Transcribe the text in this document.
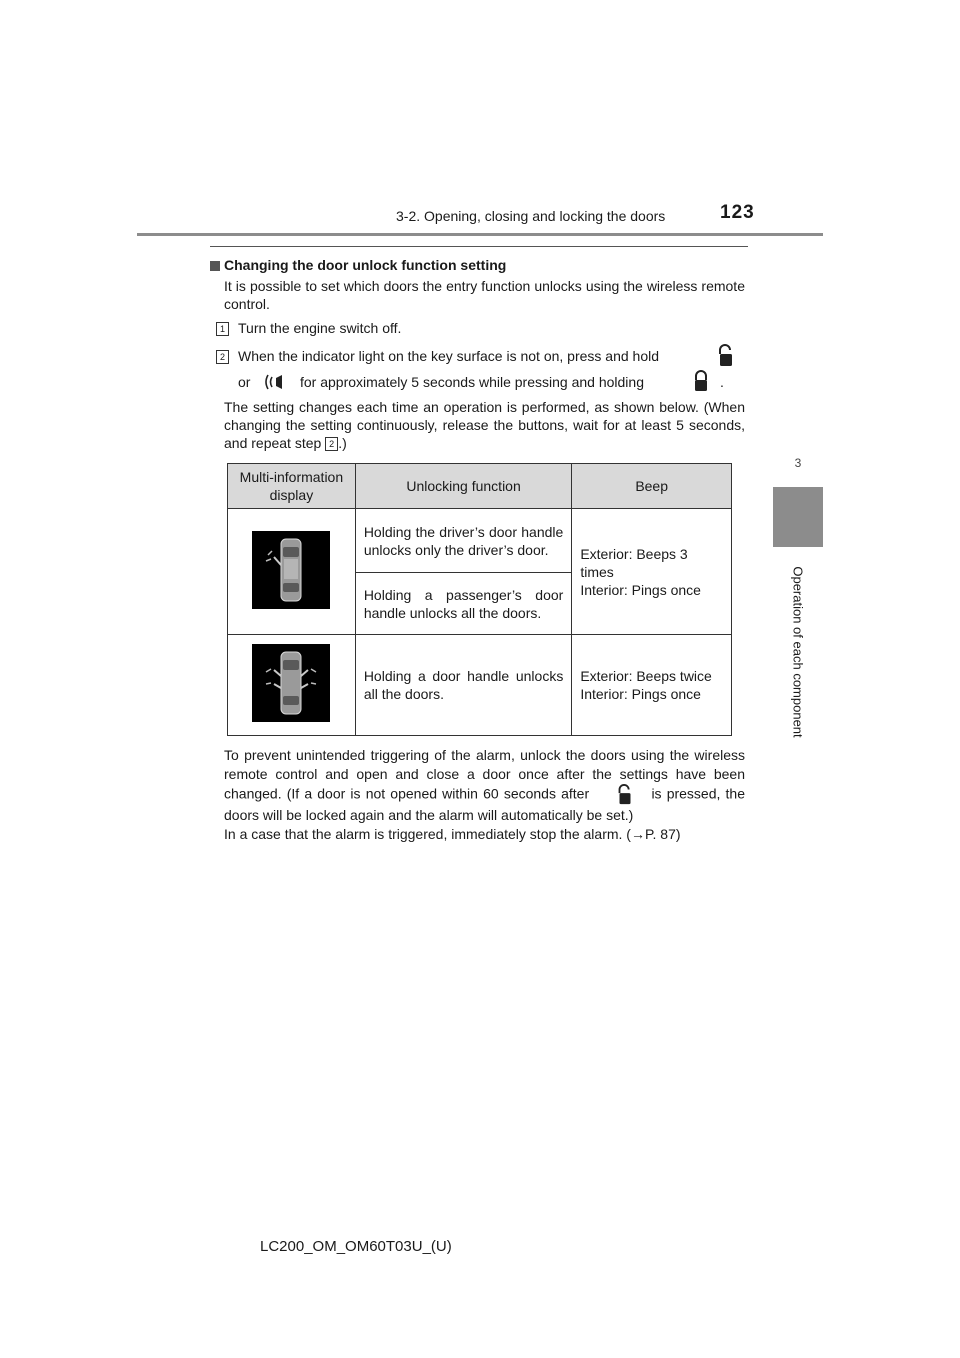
3-2. Opening, closing and locking the doors	123
3
Operation of each component
Changing the door unlock function setting
It is possible to set which doors the entry function unlocks using the wireless remote control.
1 Turn the engine switch off.
2 When the indicator light on the key surface is not on, press and hold
or	for approximately 5 seconds while pressing and holding	.
The setting changes each time an operation is performed, as shown below. (When changing the setting continuously, release the buttons, wait for at least 5 seconds, and repeat step 2 .)
Multi-information display	Unlocking function	Beep
	Holding the driver’s door handle unlocks only the driver’s door.	Exterior: Beeps 3 times
Interior: Pings once
	Holding a passenger’s door handle unlocks all the doors.	
	Holding a door handle unlocks all the doors.	Exterior: Beeps twice
Interior: Pings once
To prevent unintended triggering of the alarm, unlock the doors using the wireless remote control and open and close a door once after the settings have been changed. (If a door is not opened within 60 seconds after	is pressed, the doors will be locked again and the alarm will automatically be set.)
In a case that the alarm is triggered, immediately stop the alarm. (→P. 87)
LC200_OM_OM60T03U_(U)
